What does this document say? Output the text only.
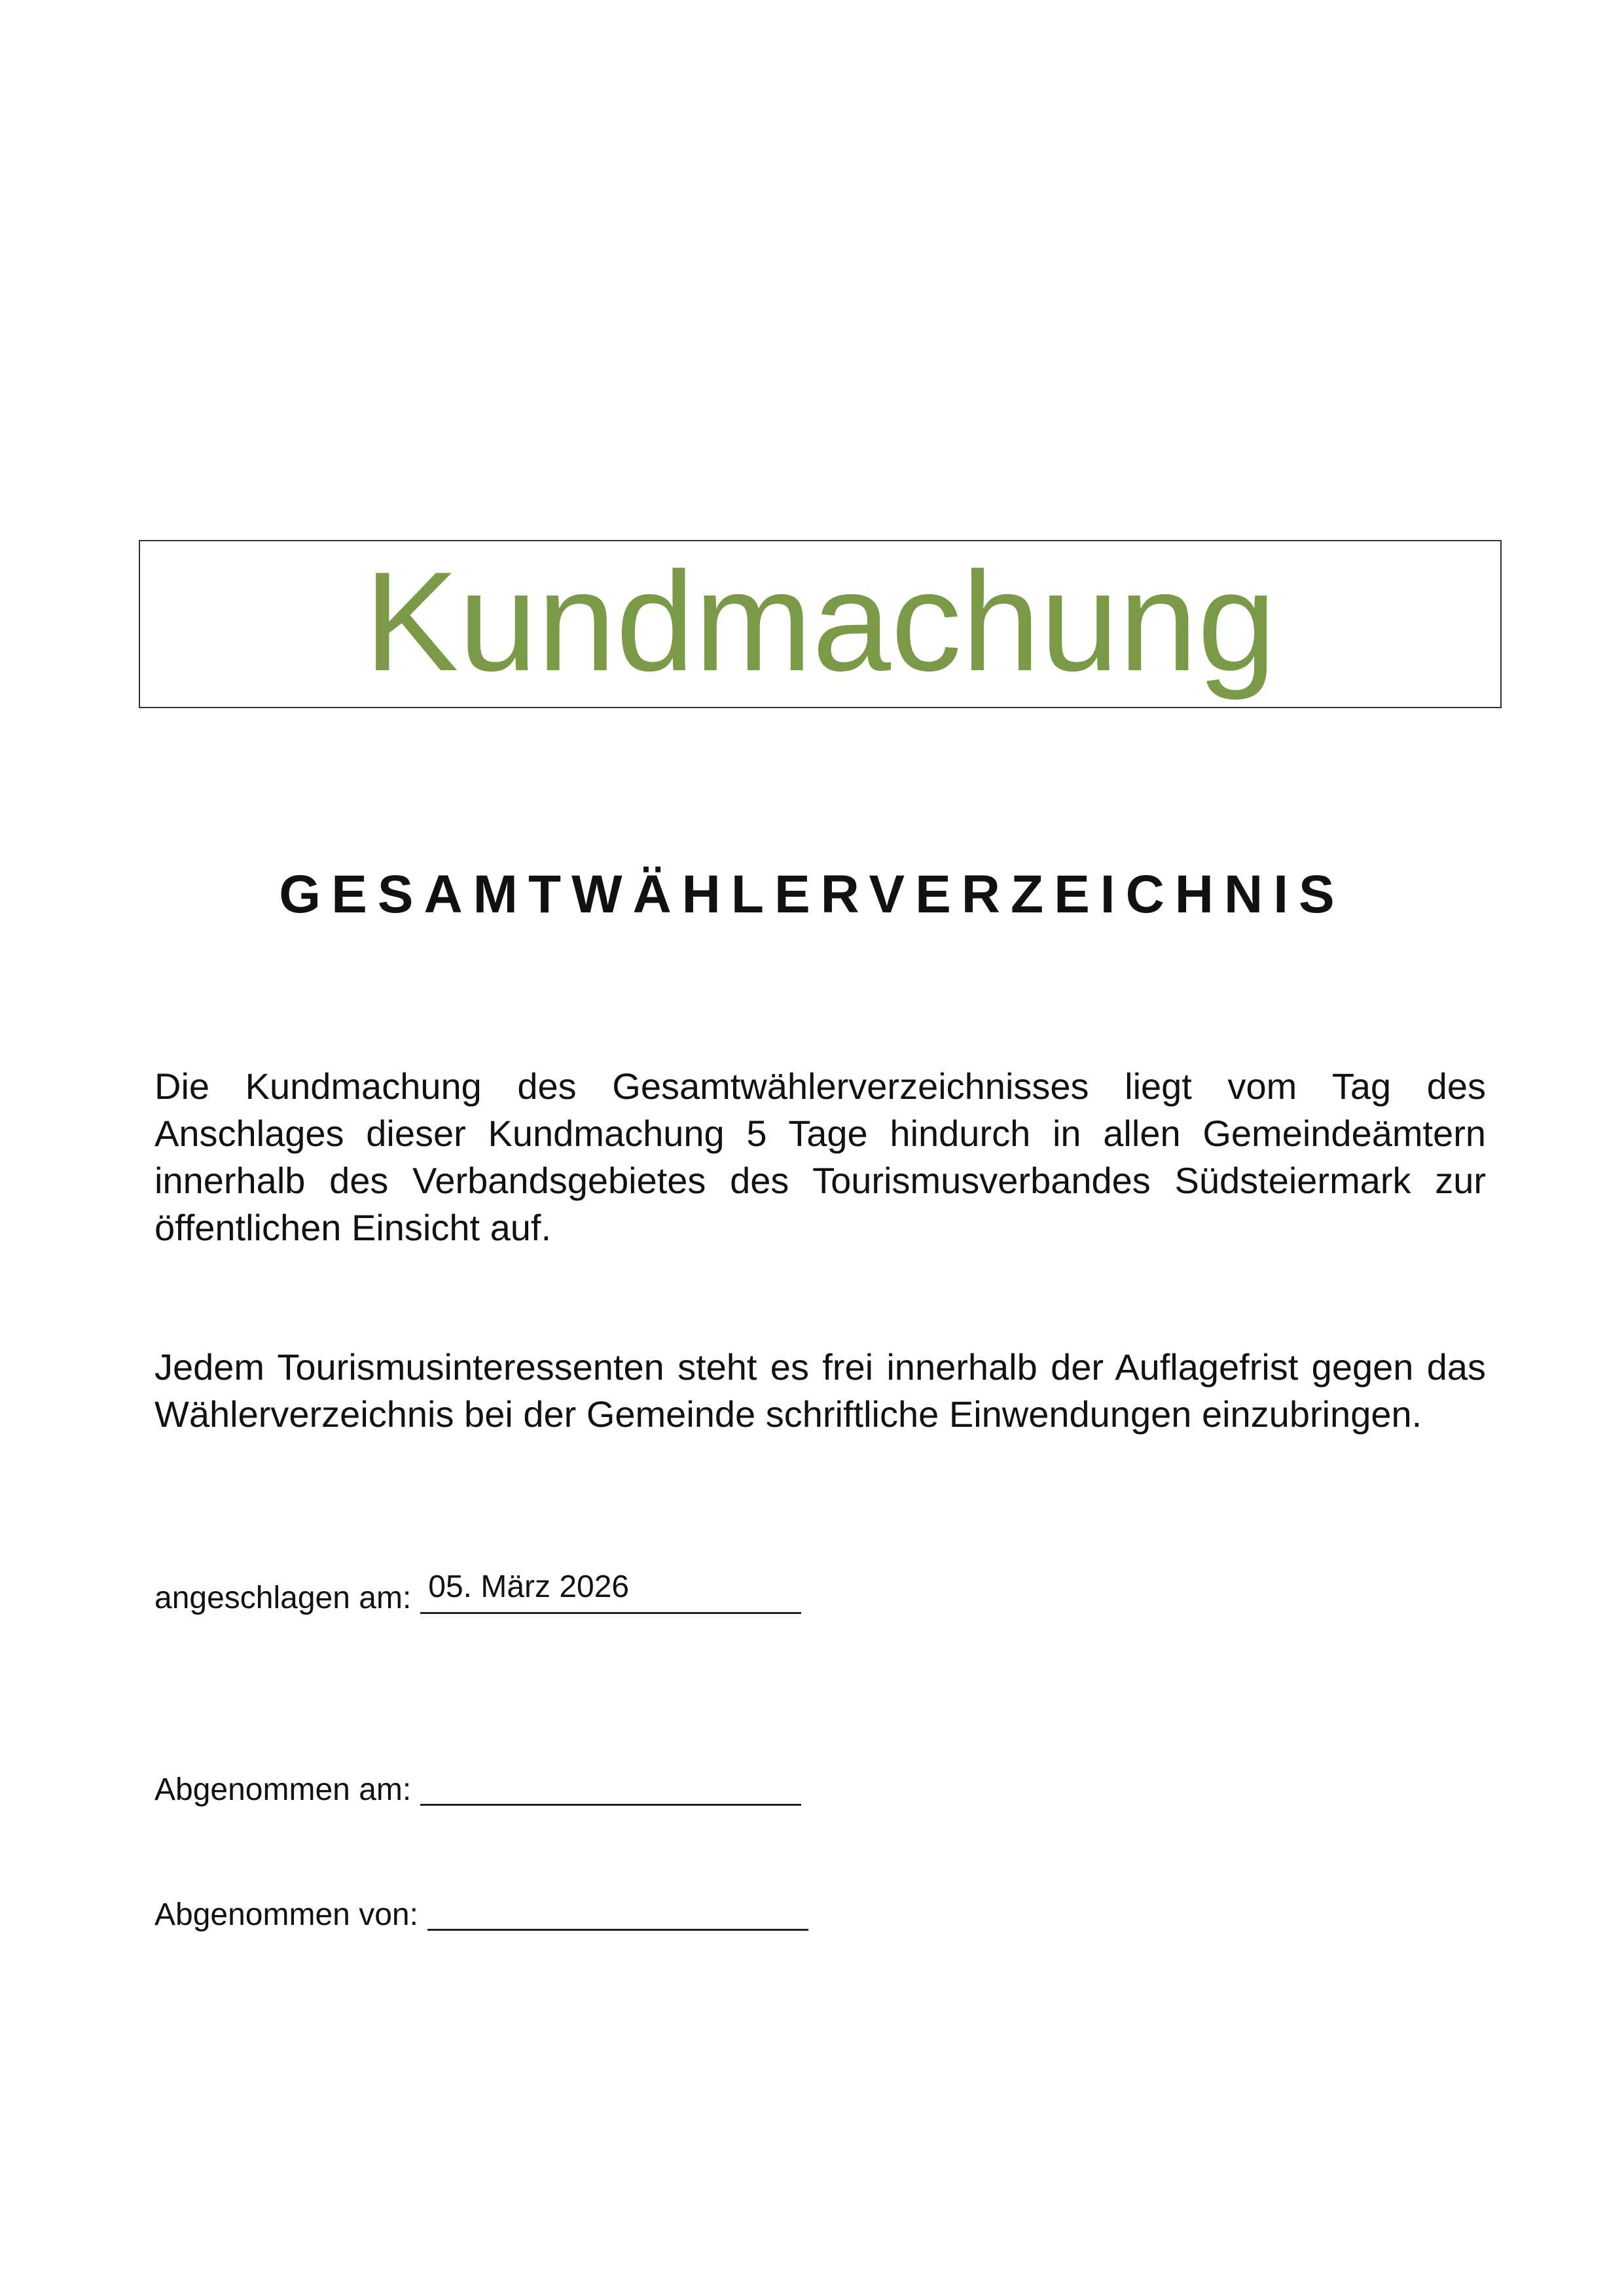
Kundmachung
GESAMTWÄHLERVERZEICHNIS

Die Kundmachung des Gesamtwählerverzeichnisses liegt vom Tag des Anschlages dieser Kundmachung 5 Tage hindurch in allen Gemeindeämtern innerhalb des Verbandsgebietes des Tourismusverbandes Südsteiermark zur öffentlichen Einsicht auf.

Jedem Tourismusinteressenten steht es frei innerhalb der Auflagefrist gegen das Wählerverzeichnis bei der Gemeinde schriftliche Einwendungen einzubringen.

angeschlagen am: 05. März 2026
Abgenommen am:
Abgenommen von:
